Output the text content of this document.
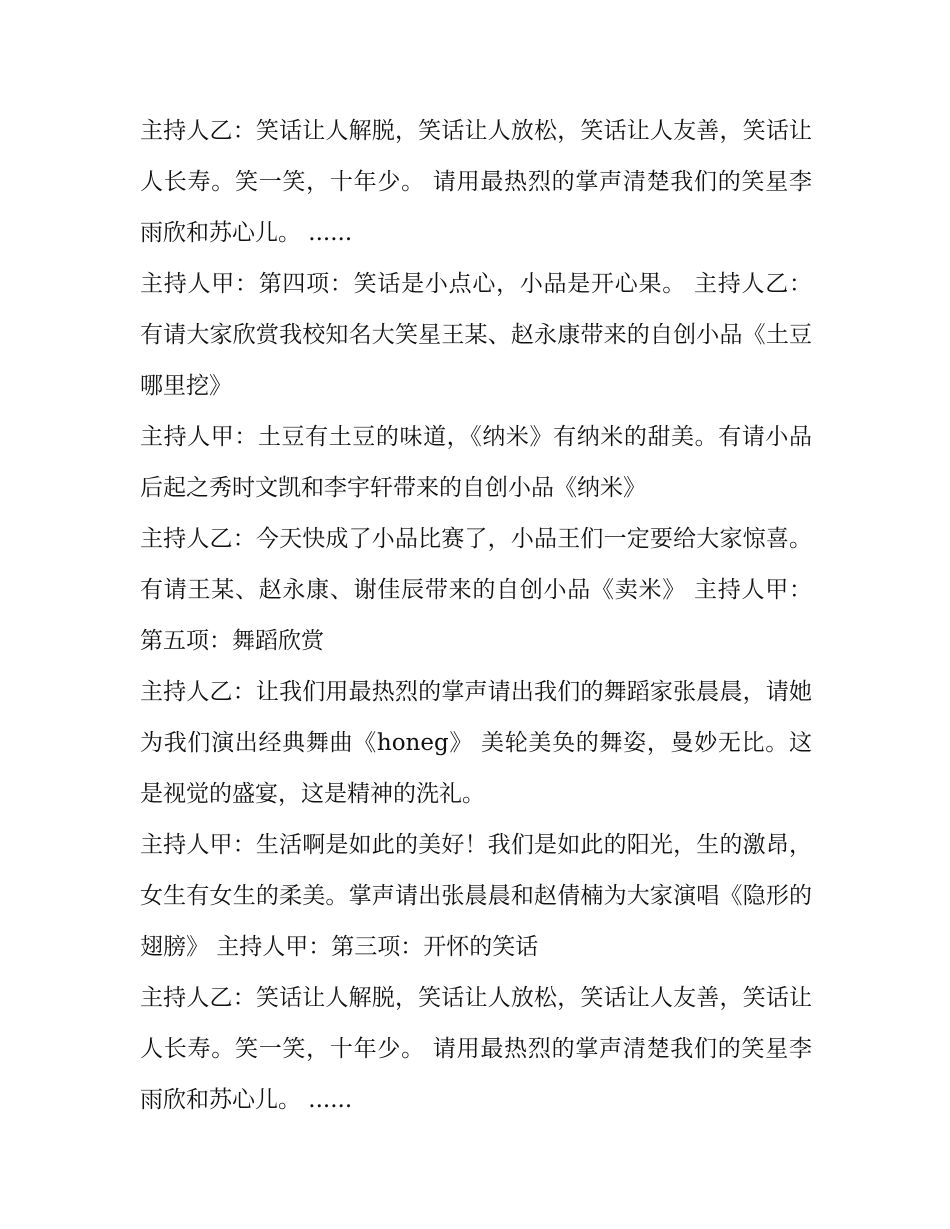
主持人乙：笑话让人解脱，笑话让人放松，笑话让人友善，笑话让人长寿。笑一笑，十年少。 请用最热烈的掌声清楚我们的笑星李雨欣和苏心儿。 ......

主持人甲：第四项：笑话是小点心，小品是开心果。 主持人乙：有请大家欣赏我校知名大笑星王某、赵永康带来的自创小品《土豆哪里挖》

主持人甲：土豆有土豆的味道，《纳米》有纳米的甜美。有请小品后起之秀时文凯和李宇轩带来的自创小品《纳米》

主持人乙：今天快成了小品比赛了，小品王们一定要给大家惊喜。有请王某、赵永康、谢佳辰带来的自创小品《卖米》 主持人甲：第五项：舞蹈欣赏

主持人乙：让我们用最热烈的掌声请出我们的舞蹈家张晨晨，请她为我们演出经典舞曲《honeg》 美轮美奂的舞姿，曼妙无比。这是视觉的盛宴，这是精神的洗礼。

主持人甲：生活啊是如此的美好！我们是如此的阳光，生的激昂，女生有女生的柔美。掌声请出张晨晨和赵倩楠为大家演唱《隐形的翅膀》 主持人甲：第三项：开怀的笑话

主持人乙：笑话让人解脱，笑话让人放松，笑话让人友善，笑话让人长寿。笑一笑，十年少。 请用最热烈的掌声清楚我们的笑星李雨欣和苏心儿。 ......
